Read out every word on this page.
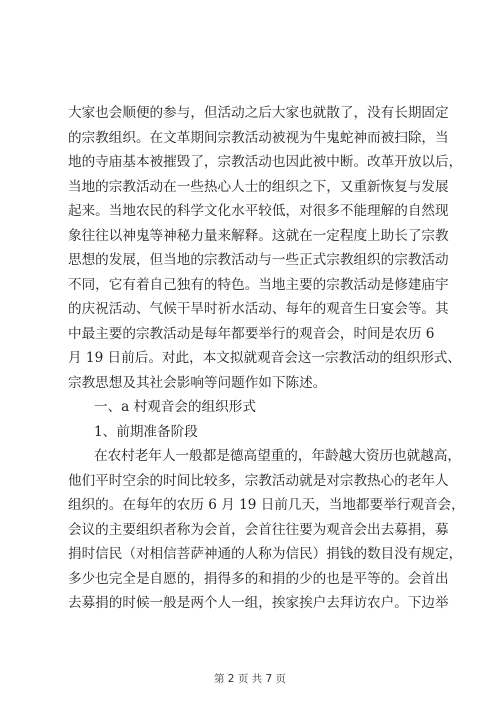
大家也会顺便的参与，但活动之后大家也就散了，没有长期固定
的宗教组织。在文革期间宗教活动被视为牛鬼蛇神而被扫除，当
地的寺庙基本被摧毁了，宗教活动也因此被中断。改革开放以后，
当地的宗教活动在一些热心人士的组织之下，又重新恢复与发展
起来。当地农民的科学文化水平较低，对很多不能理解的自然现
象往往以神鬼等神秘力量来解释。这就在一定程度上助长了宗教
思想的发展，但当地的宗教活动与一些正式宗教组织的宗教活动
不同，它有着自己独有的特色。当地主要的宗教活动是修建庙宇
的庆祝活动、气候干旱时祈水活动、每年的观音生日宴会等。其
中最主要的宗教活动是每年都要举行的观音会，时间是农历 6
月 19 日前后。对此，本文拟就观音会这一宗教活动的组织形式、
宗教思想及其社会影响等问题作如下陈述。
一、a 村观音会的组织形式
1、前期准备阶段
在农村老年人一般都是德高望重的，年龄越大资历也就越高，
他们平时空余的时间比较多，宗教活动就是对宗教热心的老年人
组织的。在每年的农历 6 月 19 日前几天，当地都要举行观音会，
会议的主要组织者称为会首，会首往往要为观音会出去募捐，募
捐时信民（对相信菩萨神通的人称为信民）捐钱的数目没有规定，
多少也完全是自愿的，捐得多的和捐的少的也是平等的。会首出
去募捐的时候一般是两个人一组，挨家挨户去拜访农户。下边举
第 2 页 共 7 页
